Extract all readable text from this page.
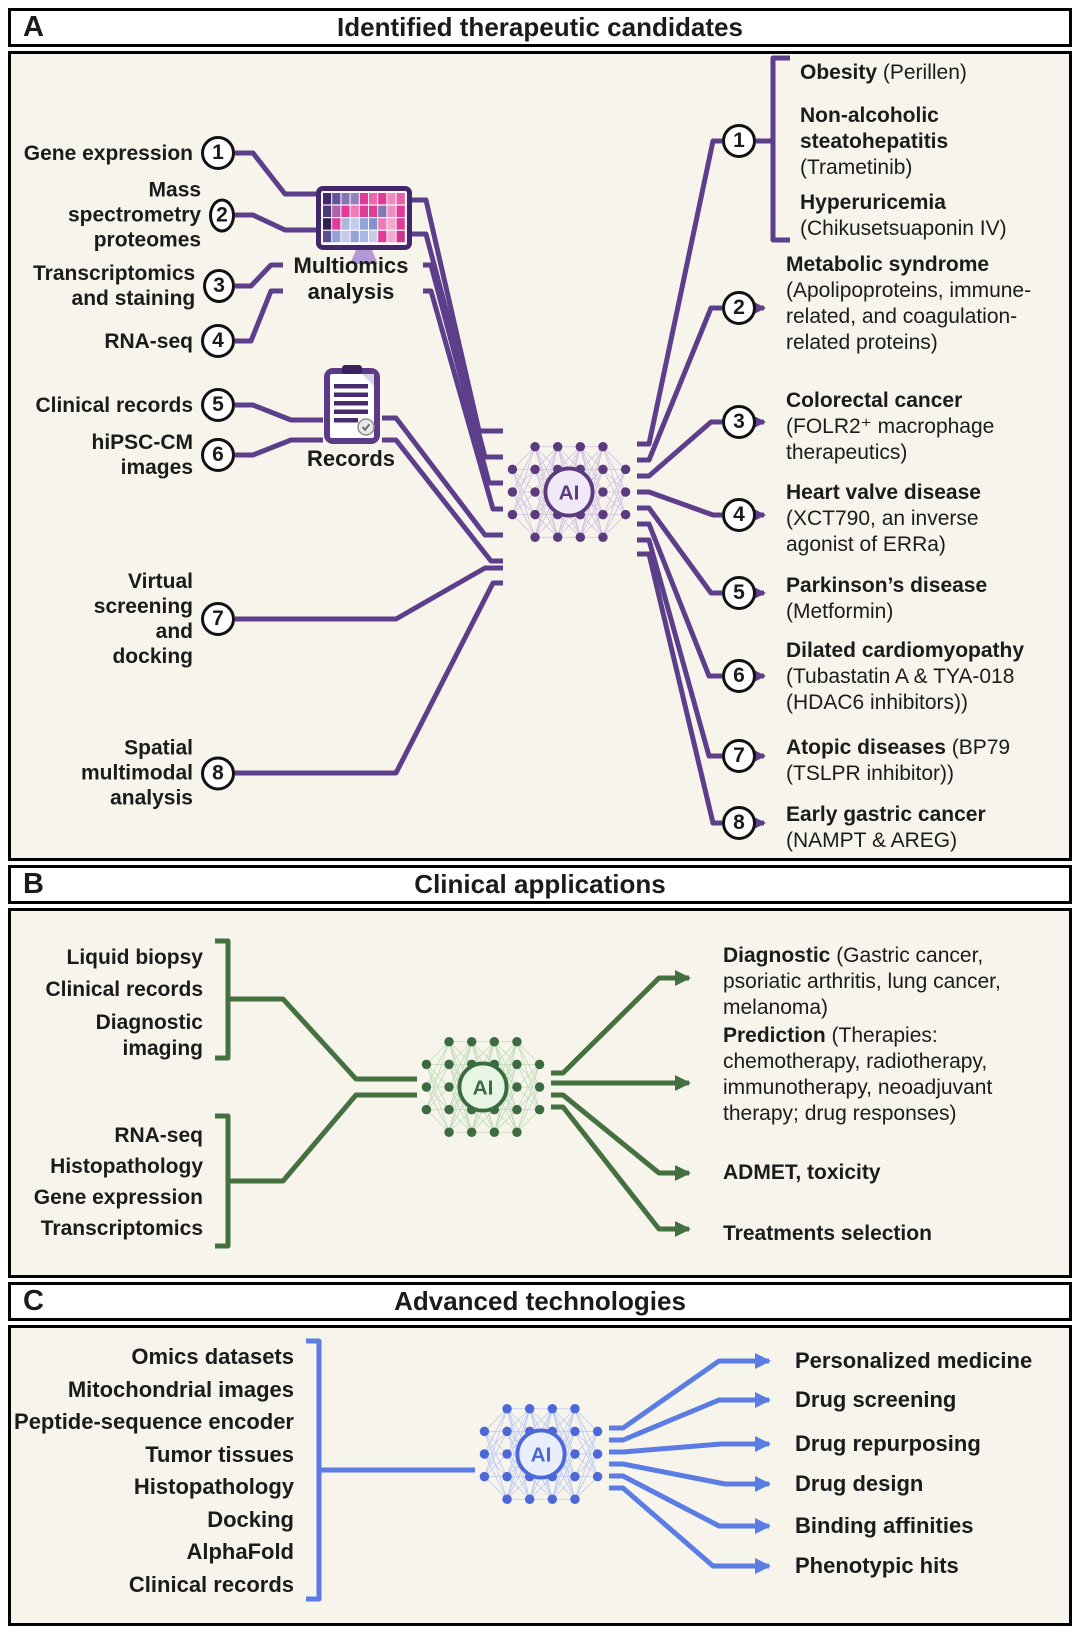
A	Identified therapeutic candidates
Gene expression 1
Mass spectrometry proteomes
2
Transcriptomics and staining
3
RNA-seq 4
Clinical records 5
hiPSC-CM images
6
Virtual screening and docking
7
Spatial multimodal analysis
8
Multiomics analysis
Records
AI
1
2
3
4
5
6
7
8
Obesity (Perillen)
Non-alcoholic steatohepatitis (Trametinib)
Hyperuricemia (Chikusetsuaponin IV)
Metabolic syndrome (Apolipoproteins, immune-related, and coagulation-related proteins)
Colorectal cancer (FOLR2⁺ macrophage therapeutics)
Heart valve disease (XCT790, an inverse agonist of ERRa)
Parkinson’s disease (Metformin)
Dilated cardiomyopathy (Tubastatin A & TYA-018 (HDAC6 inhibitors))
Atopic diseases (BP79 (TSLPR inhibitor))
Early gastric cancer (NAMPT & AREG)
B	Clinical applications
Liquid biopsy
Clinical records
Diagnostic imaging
RNA-seq
Histopathology
Gene expression
Transcriptomics
AI
Diagnostic (Gastric cancer, psoriatic arthritis, lung cancer, melanoma)
Prediction (Therapies: chemotherapy, radiotherapy, immunotherapy, neoadjuvant therapy; drug responses)
ADMET, toxicity
Treatments selection
C	Advanced technologies
Omics datasets
Mitochondrial images
Peptide-sequence encoder
Tumor tissues
Histopathology
Docking
AlphaFold
Clinical records
AI
Personalized medicine
Drug screening
Drug repurposing
Drug design
Binding affinities
Phenotypic hits
